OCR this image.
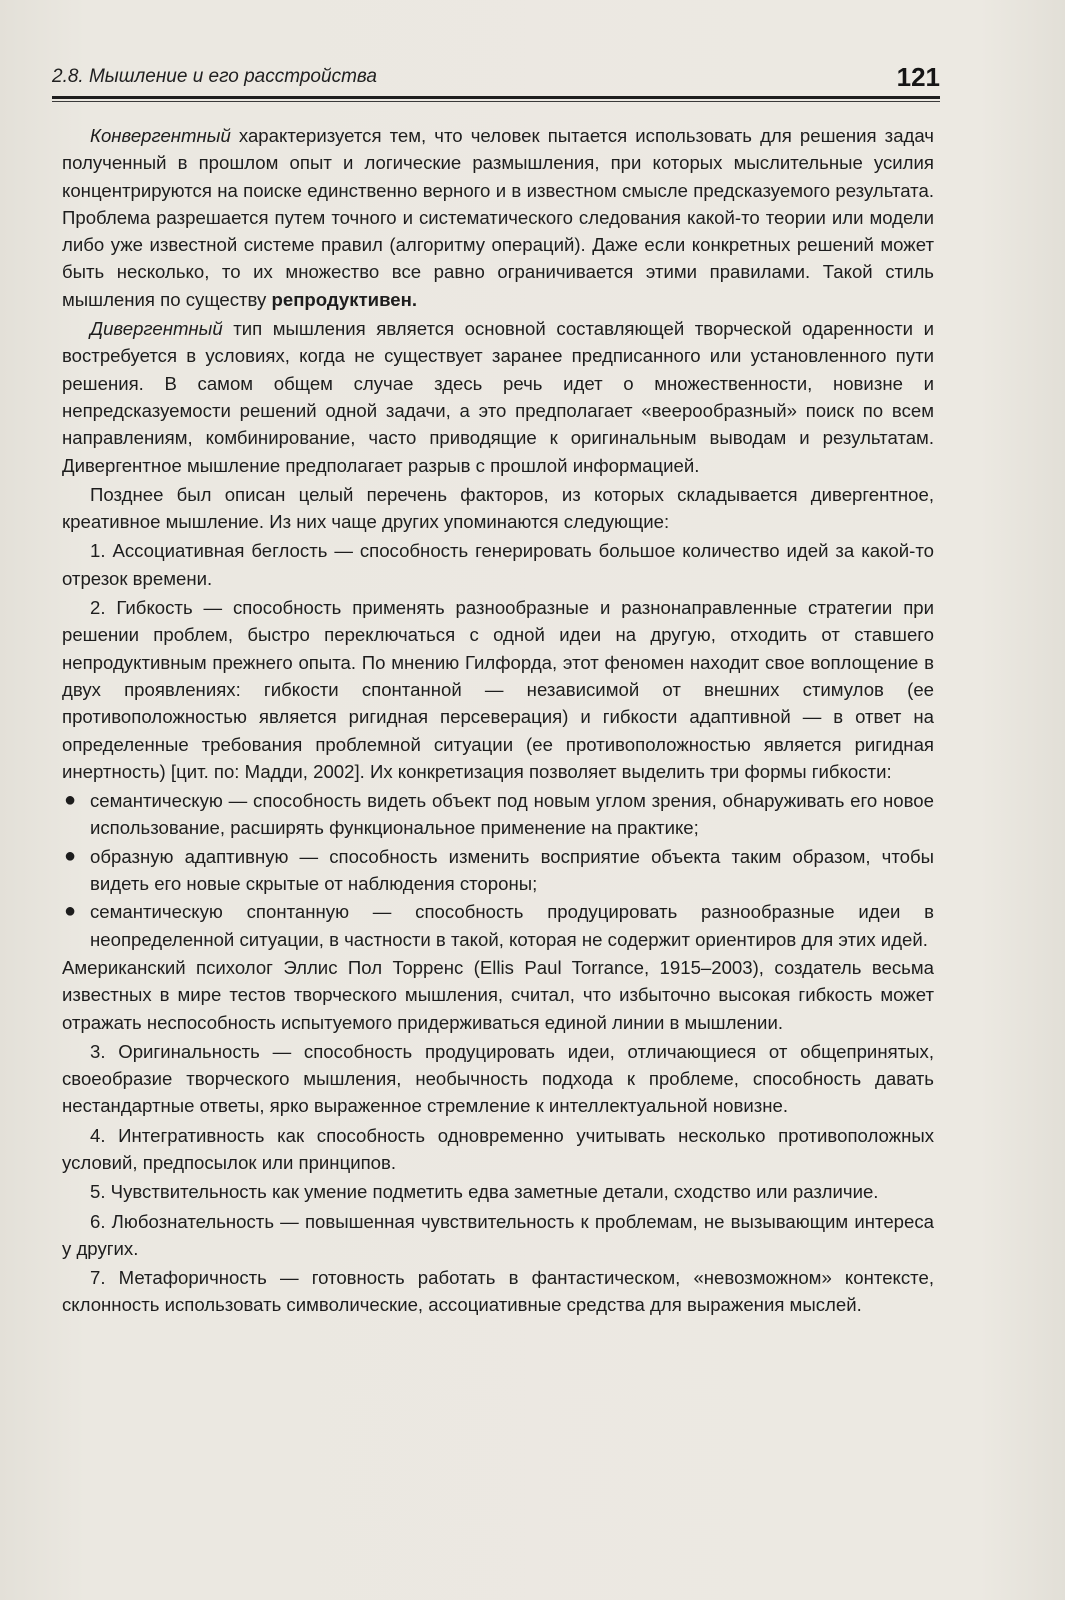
2.8. Мышление и его расстройства	121

Конвергентный характеризуется тем, что человек пытается использовать для решения задач полученный в прошлом опыт и логические размышления, при которых мыслительные усилия концентрируются на поиске единственно верного и в известном смысле предсказуемого результата. Проблема разрешается путем точного и систематического следования какой-то теории или модели либо уже известной системе правил (алгоритму операций). Даже если конкретных решений может быть несколько, то их множество все равно ограничивается этими правилами. Такой стиль мышления по существу репродуктивен.

Дивергентный тип мышления является основной составляющей творческой одаренности и востребуется в условиях, когда не существует заранее предписанного или установленного пути решения. В самом общем случае здесь речь идет о множественности, новизне и непредсказуемости решений одной задачи, а это предполагает «веерообразный» поиск по всем направлениям, комбинирование, часто приводящие к оригинальным выводам и результатам. Дивергентное мышление предполагает разрыв с прошлой информацией.

Позднее был описан целый перечень факторов, из которых складывается дивергентное, креативное мышление. Из них чаще других упоминаются следующие:

1. Ассоциативная беглость — способность генерировать большое количество идей за какой-то отрезок времени.

2. Гибкость — способность применять разнообразные и разнонаправленные стратегии при решении проблем, быстро переключаться с одной идеи на другую, отходить от ставшего непродуктивным прежнего опыта. По мнению Гилфорда, этот феномен находит свое воплощение в двух проявлениях: гибкости спонтанной — независимой от внешних стимулов (ее противоположностью является ригидная персеверация) и гибкости адаптивной — в ответ на определенные требования проблемной ситуации (ее противоположностью является ригидная инертность) [цит. по: Мадди, 2002]. Их конкретизация позволяет выделить три формы гибкости:

● семантическую — способность видеть объект под новым углом зрения, обнаруживать его новое использование, расширять функциональное применение на практике;
● образную адаптивную — способность изменить восприятие объекта таким образом, чтобы видеть его новые скрытые от наблюдения стороны;
● семантическую спонтанную — способность продуцировать разнообразные идеи в неопределенной ситуации, в частности в такой, которая не содержит ориентиров для этих идей.

Американский психолог Эллис Пол Торренс (Ellis Paul Torrance, 1915–2003), создатель весьма известных в мире тестов творческого мышления, считал, что избыточно высокая гибкость может отражать неспособность испытуемого придерживаться единой линии в мышлении.

3. Оригинальность — способность продуцировать идеи, отличающиеся от общепринятых, своеобразие творческого мышления, необычность подхода к проблеме, способность давать нестандартные ответы, ярко выраженное стремление к интеллектуальной новизне.

4. Интегративность как способность одновременно учитывать несколько противоположных условий, предпосылок или принципов.

5. Чувствительность как умение подметить едва заметные детали, сходство или различие.

6. Любознательность — повышенная чувствительность к проблемам, не вызывающим интереса у других.

7. Метафоричность — готовность работать в фантастическом, «невозможном» контексте, склонность использовать символические, ассоциативные средства для выражения мыслей.
